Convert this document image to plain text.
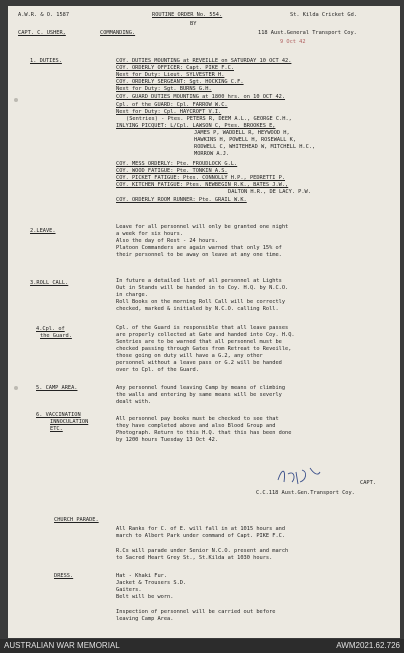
A.W.R. & O. 1587	ROUTINE ORDER No. 554.	St. Kilda Cricket Gd.
BY
CAPT. C. USHER,	COMMANDING.	118 Aust.General Transport Coy.
9 Oct 42
1. DUTIES.	COY. DUTIES MOUNTING at REVEILLE on SATURDAY 10 OCT 42.
COY. ORDERLY OFFICER: Capt. PIKE F.C.
Next for Duty: Lieut. SYLVESTER H.
COY. ORDERLY SERGEANT: Sgt. HOCKING C.F.
Next for Duty: Sgt. BURNS G.H.
COY. GUARD DUTIES MOUNTING at 1800 hrs. on 10 OCT 42.
Cpl. of the GUARD: Cpl. FARROW W.C.
Next for Duty: Cpl. HAYCROFT V.I.
(Sentries) - Ptes. PETERS R, DEEM A.L., GEORGE C.H.,
INLYING PICQUET: L/Cpl. LAWSON C, Ptes. BROOKES E,
JAMES P, WADDELL R, HEYWOOD H,
HAWKINS H, POWELL H, ROSEWALL K,
RODWELL C, WHITEHEAD W, MITCHELL H.C.,
MORROW A.J.
COY. MESS ORDERLY: Pte. FROUDLOCK G.L.
COY. WOOD FATIGUE: Pte. TONKIN A.S.
COY. PICKET FATIGUE: Ptes. CONNOLLY H.P., PEDRETTI P.
COY. KITCHEN FATIGUE: Ptes. NEWBEGIN R.K., BATES J.W.,
DALTON H.R., DE LACY. P.W.
COY. ORDERLY ROOM RUNNER: Pte. GRAIL W.K.
2.LEAVE.
Leave for all personnel will only be granted one night
a week for six hours.
Also the day of Rest - 24 hours.
Platoon Commanders are again warned that only 15% of
their personnel to be away on leave at any one time.
3.ROLL CALL.	In future a detailed list of all personnel at Lights
Out in Stands will be handed in to Coy. H.Q. by N.C.O.
in charge.
Roll Books on the morning Roll Call will be correctly
checked, marked & initialed by N.C.O. calling Roll.
4.Cpl. of
the Guard.
Cpl. of the Guard is responsible that all leave passes
are properly collected at Gate and handed into Coy. H.Q.
Sentries are to be warned that all personnel must be
checked passing through Gates from Retreat to Reveille,
those going on duty will have a G.2, any other
personnel without a leave pass or G.2 will be handed
over to Cpl. of the Guard.
5. CAMP AREA.	Any personnel found leaving Camp by means of climbing
the walls and entering by same means will be severly
dealt with.
6. VACCINATION
INNOCULATION
ETC.
All personnel pay books must be checked to see that
they have completed above and also Blood Group and
Photograph. Return to this H.Q. that this has been done
by 1200 hours Tuesday 13 Oct 42.
CAPT.
C.C.118 Aust.Gen.Transport Coy.
CHURCH PARADE.
All Ranks for C. of E. will fall in at 1015 hours and
march to Albert Park under command of Capt. PIKE F.C.
R.Cs will parade under Senior N.C.O. present and march
to Sacred Heart Grey St., St.Kilda at 1030 hours.
DRESS.	Hat - Khaki Fur.
Jacket & Trousers S.D.
Gaiters.
Belt will be worn.
Inspection of personnel will be carried out before
leaving Camp Area.
AUSTRALIAN WAR MEMORIAL	AWM2021.62.726
